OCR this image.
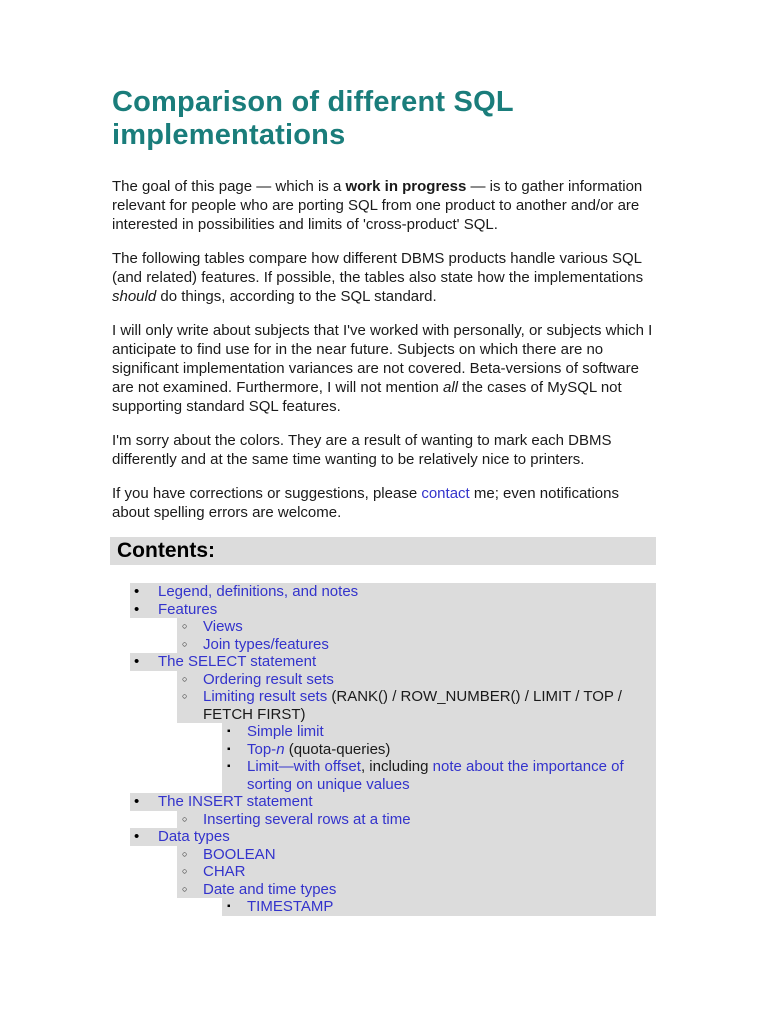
Comparison of different SQL implementations

The goal of this page — which is a work in progress — is to gather information relevant for people who are porting SQL from one product to another and/or are interested in possibilities and limits of 'cross-product' SQL.

The following tables compare how different DBMS products handle various SQL (and related) features. If possible, the tables also state how the implementations should do things, according to the SQL standard.

I will only write about subjects that I've worked with personally, or subjects which I anticipate to find use for in the near future. Subjects on which there are no significant implementation variances are not covered. Beta-versions of software are not examined. Furthermore, I will not mention all the cases of MySQL not supporting standard SQL features.

I'm sorry about the colors. They are a result of wanting to mark each DBMS differently and at the same time wanting to be relatively nice to printers.

If you have corrections or suggestions, please contact me; even notifications about spelling errors are welcome.

Contents:
•	Legend, definitions, and notes
•	Features
○	Views
○	Join types/features
•	The SELECT statement
○	Ordering result sets
○	Limiting result sets (RANK() / ROW_NUMBER() / LIMIT / TOP / FETCH FIRST)
▪	Simple limit
▪	Top-n (quota-queries)
▪	Limit—with offset, including note about the importance of sorting on unique values
•	The INSERT statement
○	Inserting several rows at a time
•	Data types
○	BOOLEAN
○	CHAR
○	Date and time types
▪	TIMESTAMP
